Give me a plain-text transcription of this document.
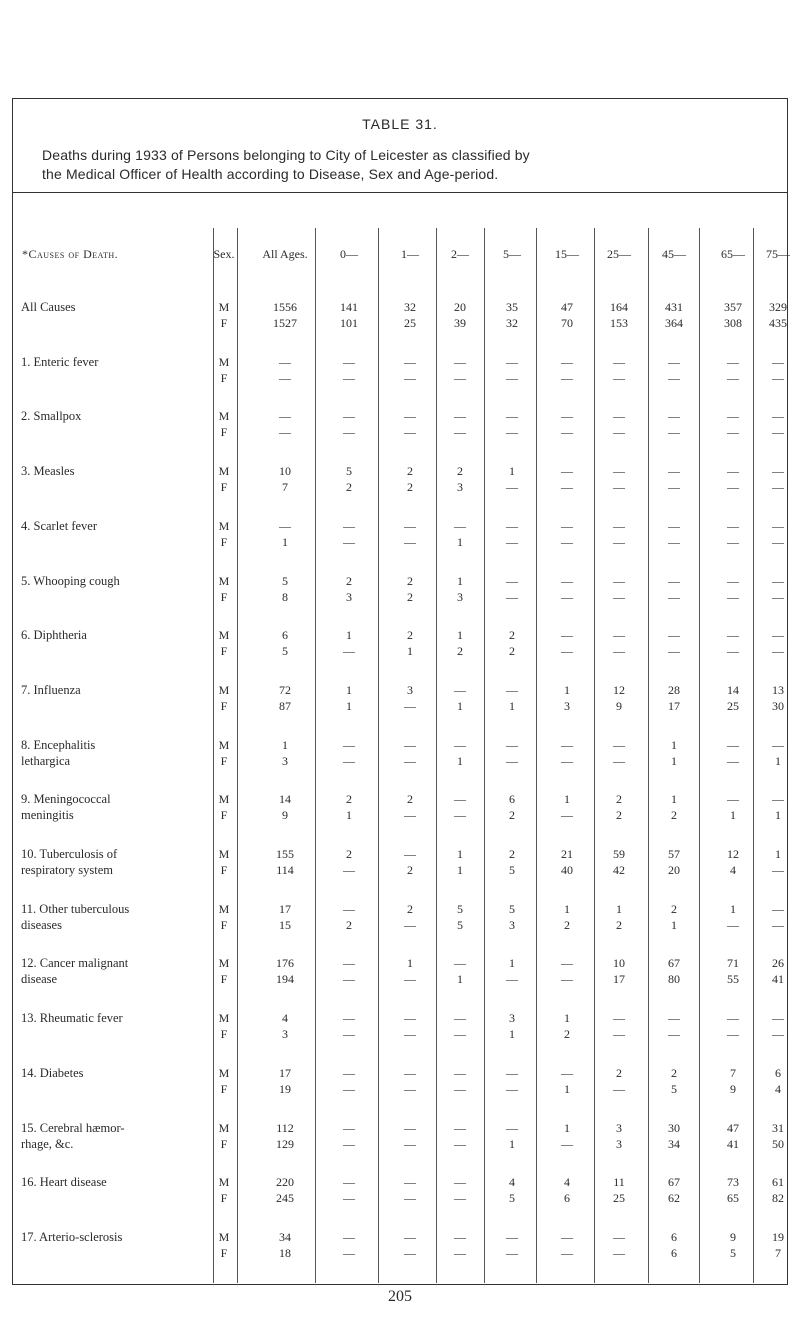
TABLE 31.
Deaths during 1933 of Persons belonging to City of Leicester as classified by
the Medical Officer of Health according to Disease, Sex and Age-period.
*Causes of Death.	Sex.	All Ages.	0—	1—	2—	5—	15—	25—	45—	65—	75—
All Causes	M	1556	141	32	20	35	47	164	431	357	329
F	1527	101	25	39	32	70	153	364	308	435
1. Enteric fever	M	—	—	—	—	—	—	—	—	—	—
F	—	—	—	—	—	—	—	—	—	—
2. Smallpox	M	—	—	—	—	—	—	—	—	—	—
F	—	—	—	—	—	—	—	—	—	—
3. Measles	M	10	5	2	2	1	—	—	—	—	—
F	7	2	2	3	—	—	—	—	—	—
4. Scarlet fever	M	—	—	—	—	—	—	—	—	—	—
F	1	—	—	1	—	—	—	—	—	—
5. Whooping cough	M	5	2	2	1	—	—	—	—	—	—
F	8	3	2	3	—	—	—	—	—	—
6. Diphtheria	M	6	1	2	1	2	—	—	—	—	—
F	5	—	1	2	2	—	—	—	—	—
7. Influenza	M	72	1	3	—	—	1	12	28	14	13
F	87	1	—	1	1	3	9	17	25	30
8. Encephalitis
lethargica
M	1	—	—	—	—	—	—	1	—	—
F	3	—	—	1	—	—	—	1	—	1
9. Meningococcal
meningitis
M	14	2	2	—	6	1	2	1	—	—
F	9	1	—	—	2	—	2	2	1	1
10. Tuberculosis of
respiratory system
M	155	2	—	1	2	21	59	57	12	1
F	114	—	2	1	5	40	42	20	4	—
11. Other tuberculous
diseases
M	17	—	2	5	5	1	1	2	1	—
F	15	2	—	5	3	2	2	1	—	—
12. Cancer malignant
disease
M	176	—	1	—	1	—	10	67	71	26
F	194	—	—	1	—	—	17	80	55	41
13. Rheumatic fever	M	4	—	—	—	3	1	—	—	—	—
F	3	—	—	—	1	2	—	—	—	—
14. Diabetes	M	17	—	—	—	—	—	2	2	7	6
F	19	—	—	—	—	1	—	5	9	4
15. Cerebral hæmor-
rhage, &c.
M	112	—	—	—	—	1	3	30	47	31
F	129	—	—	—	1	—	3	34	41	50
16. Heart disease	M	220	—	—	—	4	4	11	67	73	61
F	245	—	—	—	5	6	25	62	65	82
17. Arterio-sclerosis	M	34	—	—	—	—	—	—	6	9	19
F	18	—	—	—	—	—	—	6	5	7
205
